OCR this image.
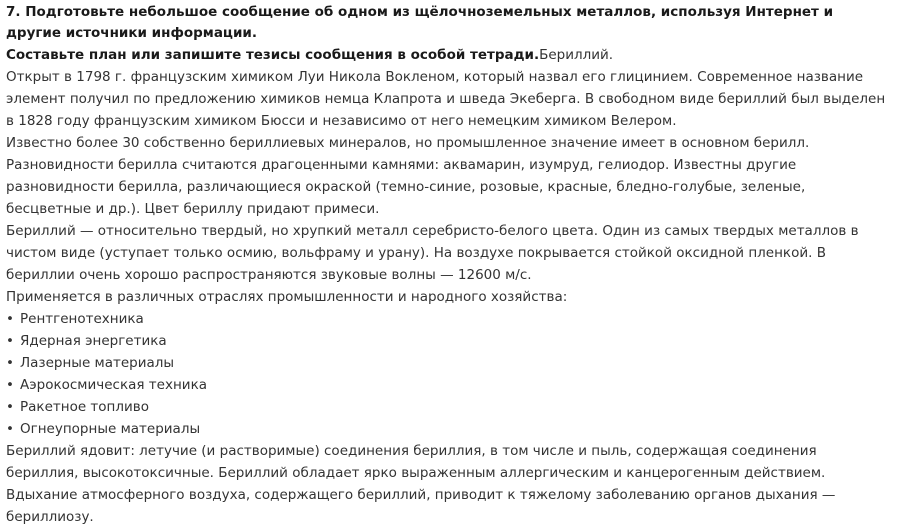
7. Подготовьте небольшое сообщение об одном из щёлочноземельных металлов, используя Интернет и другие источники информации.

Составьте план или запишите тезисы сообщения в особой тетради.Бериллий.

Открыт в 1798 г. французским химиком Луи Никола Воклeном, который назвал его глицинием. Современное название элемент получил по предложению химиков немца Клапрота и шведа Экеберга. В свободном виде бериллий был выделен в 1828 году французским химиком Бюсси и независимо от него немецким химиком Велером.

Известно более 30 собственно бериллиевых минералов, но промышленное значение имеет в основном берилл. Разновидности берилла считаются драгоценными камнями: аквамарин, изумруд, гелиодор. Известны другие разновидности берилла, различающиеся окраской (темно-синие, розовые, красные, бледно-голубые, зеленые, бесцветные и др.). Цвет бериллу придают примеси.

Бериллий — относительно твердый, но хрупкий металл серебристо-белого цвета. Один из самых твердых металлов в чистом виде (уступает только осмию, вольфраму и урану). На воздухе покрывается стойкой оксидной пленкой. В бериллии очень хорошо распространяются звуковые волны — 12600 м/с.

Применяется в различных отраслях промышленности и народного хозяйства:

• Рентгенотехника
• Ядерная энергетика
• Лазерные материалы
• Аэрокосмическая техника
• Ракетное топливо
• Огнеупорные материалы

Бериллий ядовит: летучие (и растворимые) соединения бериллия, в том числе и пыль, содержащая соединения бериллия, высокотоксичные. Бериллий обладает ярко выраженным аллергическим и канцерогенным действием. Вдыхание атмосферного воздуха, содержащего бериллий, приводит к тяжелому заболеванию органов дыхания — бериллиозу.
